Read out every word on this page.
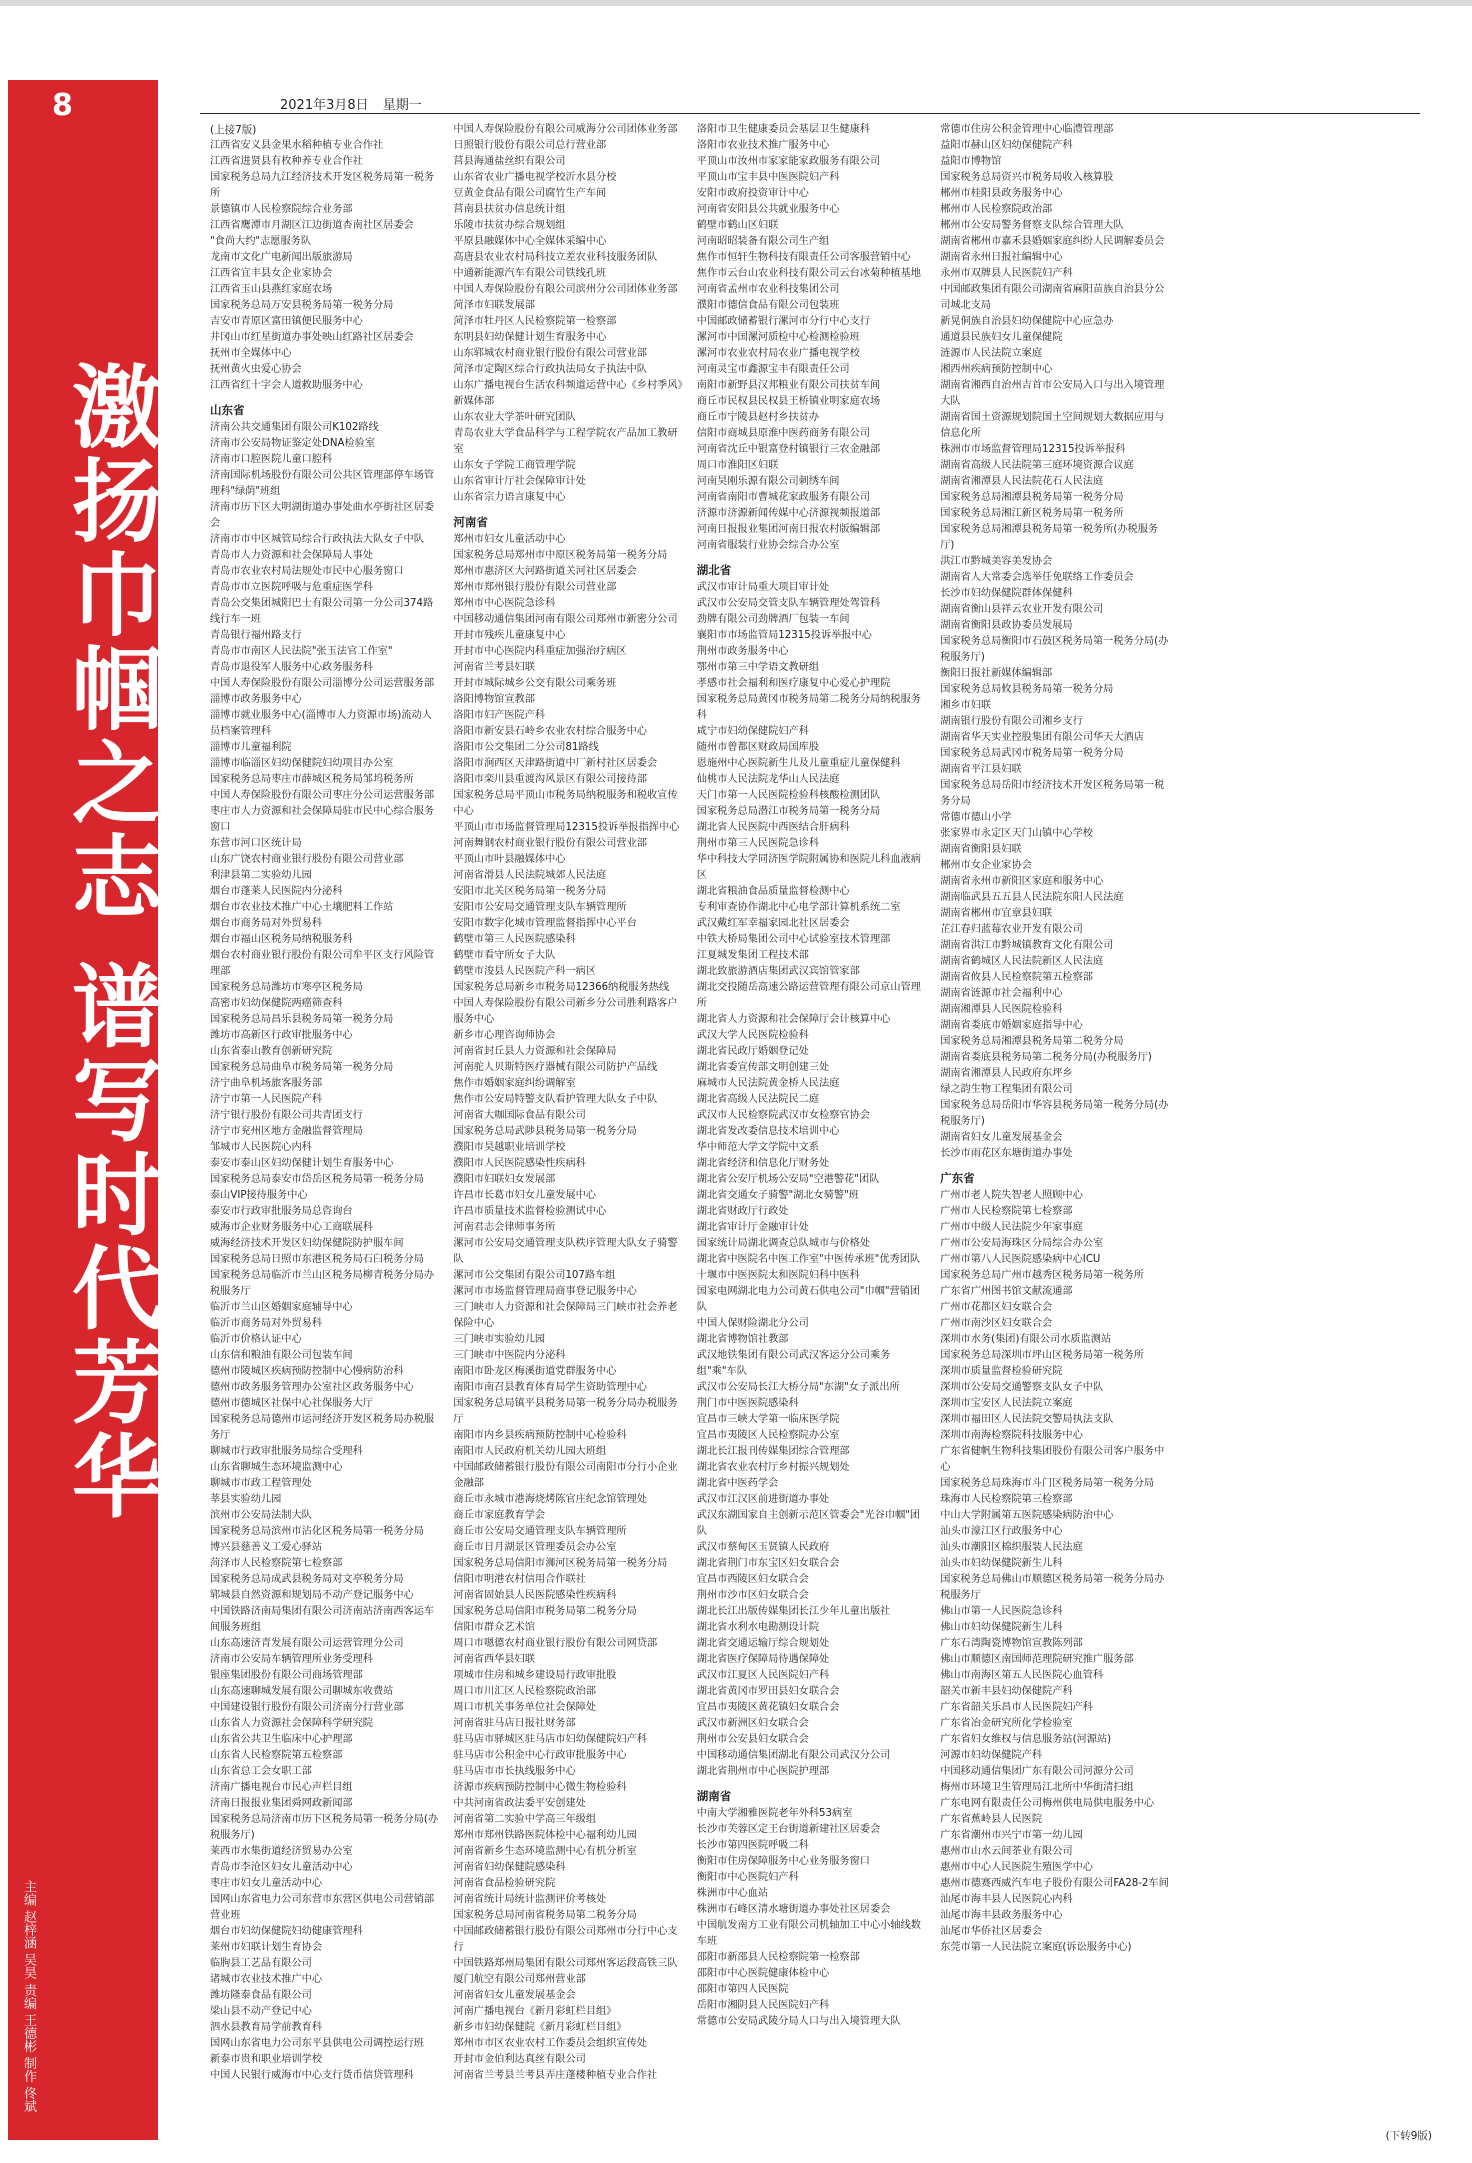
8
激扬巾帼之志 谱写时代芳华
主编 赵梓涵 吴昊 责编 王德彬 制作 佟斌
2021年3月8日 星期一

(上接7版)

江西省安义县金果水稻种植专业合作社

江西省进贤县有枚种养专业合作社

国家税务总局九江经济技术开发区税务局第一税务所

景德镇市人民检察院综合业务部

江西省鹰潭市月湖区江边街道杏南社区居委会

"食尚大约"志愿服务队

龙南市文化广电新闻出版旅游局

江西省宜丰县女企业家协会

江西省玉山县燕红家庭农场

国家税务总局万安县税务局第一税务分局

吉安市青原区富田镇便民服务中心

井冈山市红星街道办事处映山红路社区居委会

抚州市全媒体中心

抚州黄火虫爱心协会

江西省红十字会人道救助服务中心

山东省

济南公共交通集团有限公司K102路线

济南市公安局物证鉴定处DNA检验室

济南市口腔医院儿童口腔科

济南国际机场股份有限公司公共区管理部停车场管理科"绿荫"班组

济南市历下区大明湖街道办事处曲水亭街社区居委会

济南市市中区城管局综合行政执法大队女子中队

青岛市人力资源和社会保障局人事处

青岛市农业农村局法规处市民中心服务窗口

青岛市市立医院呼吸与危重症医学科

青岛公交集团城阳巴士有限公司第一分公司374路线行车一班

青岛银行福州路支行

青岛市市南区人民法院"张玉法官工作室"

青岛市退役军人服务中心政务服务科

中国人寿保险股份有限公司淄博分公司运营服务部

淄博市政务服务中心

淄博市就业服务中心(淄博市人力资源市场)流动人员档案管理科

淄博市儿童福利院

淄博市临淄区妇幼保健院妇幼项目办公室

国家税务总局枣庄市薛城区税务局邹坞税务所

中国人寿保险股份有限公司枣庄分公司运营服务部

枣庄市人力资源和社会保障局驻市民中心综合服务窗口

东营市河口区统计局

山东广饶农村商业银行股份有限公司营业部

利津县第二实验幼儿园

烟台市蓬莱人民医院内分泌科

烟台市农业技术推广中心土壤肥料工作站

烟台市商务局对外贸易科

烟台市福山区税务局纳税服务科

烟台农村商业银行股份有限公司牟平区支行风险管理部

国家税务总局潍坊市寒亭区税务局

高密市妇幼保健院两癌筛查科

国家税务总局昌乐县税务局第一税务分局

潍坊市高新区行政审批服务中心

山东省泰山教育创新研究院

国家税务总局曲阜市税务局第一税务分局

济宁曲阜机场旅客服务部

济宁市第一人民医院产科

济宁银行股份有限公司共青团支行

济宁市兖州区地方金融监督管理局

邹城市人民医院心内科

泰安市泰山区妇幼保健计划生育服务中心

国家税务总局泰安市岱岳区税务局第一税务分局

泰山VIP接待服务中心

泰安市行政审批服务局总咨询台

威海市企业财务服务中心工商联展科

威海经济技术开发区妇幼保健院防护服车间

国家税务总局日照市东港区税务局石臼税务分局

国家税务总局临沂市兰山区税务局柳青税务分局办税服务厅

临沂市兰山区婚姻家庭辅导中心

临沂市商务局对外贸易科

临沂市价格认证中心

山东信和粮油有限公司包装车间

德州市陵城区疾病预防控制中心慢病防治科

德州市政务服务管理办公室社区政务服务中心

德州市德城区社保中心社保服务大厅

国家税务总局德州市运河经济开发区税务局办税服务厅

聊城市行政审批服务局综合受理科

山东省聊城生态环境监测中心

聊城市市政工程管理处

莘县实验幼儿园

滨州市公安局法制大队

国家税务总局滨州市沾化区税务局第一税务分局

博兴县慈善义工爱心驿站

菏泽市人民检察院第七检察部

国家税务总局成武县税务局对文亭税务分局

郓城县自然资源和规划局不动产登记服务中心

中国铁路济南局集团有限公司济南站济南西客运车间服务班组

山东高速济青发展有限公司运营管理分公司

济南市公安局车辆管理所业务受理科

银座集团股份有限公司商场管理部

山东高速聊城发展有限公司聊城东收费站

中国建设银行股份有限公司济南分行营业部

山东省人力资源社会保障科学研究院

山东省公共卫生临床中心护理部

山东省人民检察院第五检察部

山东省总工会女职工部

济南广播电视台市民心声栏目组

济南日报报业集团舜网政新闻部

国家税务总局济南市历下区税务局第一税务分局(办税服务厅)

莱西市水集街道经济贸易办公室

青岛市李沧区妇女儿童活动中心

枣庄市妇女儿童活动中心

国网山东省电力公司东营市东营区供电公司营销部营业班

烟台市妇幼保健院妇幼健康管理科

莱州市妇联计划生育协会

临朐县工艺品有限公司

诸城市农业技术推广中心

潍坊隆泰食品有限公司

梁山县不动产登记中心

泗水县教育局学前教育科

国网山东省电力公司东平县供电公司调控运行班

新泰市贵和职业培训学校

中国人民银行威海市中心支行货币信贷管理科

中国人寿保险股份有限公司威海分公司团体业务部

日照银行股份有限公司总行营业部

莒县海通盐丝织有限公司

山东省农业广播电视学校沂水县分校

豆黄金食品有限公司腐竹生产车间

莒南县扶贫办信息统计组

乐陵市扶贫办综合规划组

平原县融媒体中心全媒体采编中心

高唐县农业农村局科技立差农业科技服务团队

中通新能源汽车有限公司铁线孔班

中国人寿保险股份有限公司滨州分公司团体业务部

菏泽市妇联发展部

菏泽市牡丹区人民检察院第一检察部

东明县妇幼保健计划生育服务中心

山东郓城农村商业银行股份有限公司营业部

菏泽市定陶区综合行政执法局女子执法中队

山东广播电视台生活农科频道运营中心《乡村季风》新媒体部

山东农业大学茶叶研究团队

青岛农业大学食品科学与工程学院农产品加工教研室

山东女子学院工商管理学院

山东省审计厅社会保障审计处

山东省宗力语言康复中心

河南省

郑州市妇女儿童活动中心

国家税务总局郑州市中原区税务局第一税务分局

郑州市惠济区大河路街道关河社区居委会

郑州市郑州银行股份有限公司营业部

郑州市中心医院急诊科

中国移动通信集团河南有限公司郑州市新密分公司

开封市残疾儿童康复中心

开封市中心医院内科重症加强治疗病区

河南省兰考县妇联

开封市城际城乡公交有限公司乘务班

洛阳博物馆宣教部

洛阳市妇产医院产科

洛阳市新安县石岭乡农业农村综合服务中心

洛阳市公交集团二分公司81路线

洛阳市涧西区天津路街道中厂新村社区居委会

洛阳市栾川县重渡沟风景区有限公司接待部

国家税务总局平顶山市税务局纳税服务和税收宣传中心

平顶山市市场监督管理局12315投诉举报指挥中心

河南舞钢农村商业银行股份有限公司营业部

平顶山市叶县融媒体中心

河南省滑县人民法院城郊人民法庭

安阳市北关区税务局第一税务分局

安阳市公安局交通管理支队车辆管理所

安阳市数字化城市管理监督指挥中心平台

鹤壁市第三人民医院感染科

鹤壁市看守所女子大队

鹤壁市浚县人民医院产科一病区

国家税务总局新乡市税务局12366纳税服务热线

中国人寿保险股份有限公司新乡分公司胜利路客户服务中心

新乡市心理咨询师协会

河南省封丘县人力资源和社会保障局

河南驼人贝斯特医疗器械有限公司防护产品线

焦作市婚姻家庭纠纷调解室

焦作市公安局特警支队看护管理大队女子中队

河南省大咖国际食品有限公司

国家税务总局武陟县税务局第一税务分局

濮阳市昊越职业培训学校

濮阳市人民医院感染性疾病科

濮阳市妇联妇女发展部

许昌市长葛市妇女儿童发展中心

许昌市质量技术监督检验测试中心

河南君志会律师事务所

漯河市公安局交通管理支队秩序管理大队女子骑警队

漯河市公交集团有限公司107路车组

漯河市市场监督管理局商事登记服务中心

三门峡市人力资源和社会保障局三门峡市社会养老保险中心

三门峡市实验幼儿园

三门峡市中医院内分泌科

南阳市卧龙区梅溪街道党群服务中心

南阳市南召县教育体育局学生资助管理中心

国家税务总局镇平县税务局第一税务分局办税服务厅

南阳市内乡县疾病预防控制中心检验科

南阳市人民政府机关幼儿园大班组

中国邮政储蓄银行股份有限公司南阳市分行小企业金融部

商丘市永城市港海烧烤陈官庄纪念馆管理处

商丘市家庭教育学会

商丘市公安局交通管理支队车辆管理所

商丘市日月湖景区管理委员会办公室

国家税务总局信阳市浉河区税务局第一税务分局

信阳市明港农村信用合作联社

河南省固始县人民医院感染性疾病科

国家税务总局信阳市税务局第二税务分局

信阳市群众艺术馆

周口市嗯德农村商业银行股份有限公司网贷部

河南省西华县妇联

项城市住房和城乡建设局行政审批股

周口市川汇区人民检察院政治部

周口市机关事务单位社会保障处

河南省驻马店日报社财务部

驻马店市驿城区驻马店市妇幼保健院妇产科

驻马店市公积金中心行政审批服务中心

驻马店市市长执线服务中心

济源市疾病预防控制中心微生物检验科

中共河南省政法委平安创建处

河南省第二实验中学高三年级组

郑州市郑州铁路医院体检中心福利幼儿园

河南省新乡生态环境监测中心有机分析室

河南省妇幼保健院感染科

河南省食品检验研究院

河南省统计局统计监测评价考核处

国家税务总局河南省税务局第二税务分局

中国邮政储蓄银行股份有限公司郑州市分行中心支行

中国铁路郑州局集团有限公司郑州客运段高铁三队

厦门航空有限公司郑州营业部

河南省妇女儿童发展基金会

河南广播电视台《新月彩虹栏目组》

新乡市妇幼保健院《新月彩虹栏目组》

郑州市市区农业农村工作委员会组织宣传处

开封市金伯利达真丝有限公司

河南省兰考县兰考县弄庄蓬楼种植专业合作社

洛阳市卫生健康委员会基层卫生健康科

洛阳市农业技术推广服务中心

平顶山市汝州市家家能家政服务有限公司

平顶山市宝丰县中医医院妇产科

安阳市政府投资审计中心

河南省安阳县公共就业服务中心

鹤壁市鹤山区妇联

河南昭昭装备有限公司生产组

焦作市恒轩生物科技有限责任公司客服营销中心

焦作市云台山农业科技有限公司云台冰菊种植基地

河南省孟州市农业科技集团公司

濮阳市德信食品有限公司包装班

中国邮政储蓄银行漯河市分行中心支行

漯河市中国漯河质检中心检测检验班

漯河市农业农村局农业广播电视学校

河南灵宝市鑫源宝丰有限责任公司

南阳市新野县汉邦粮业有限公司扶贫车间

商丘市民权县民权县王桥镇业明家庭农场

商丘市宁陵县赵村乡扶贫办

信阳市商城县原淮中医药商务有限公司

河南省沈丘中银富登村镇银行三农金融部

周口市淮阳区妇联

河南昊刚乐源有限公司刺绣车间

河南省南阳市曹城花家政服务有限公司

济源市济源新闻传媒中心济源视频报道部

河南日报报业集团河南日报农村版编辑部

河南省服装行业协会综合办公室

湖北省

武汉市审计局重大项目审计处

武汉市公安局交管支队车辆管理处驾管科

劲牌有限公司劲牌酒厂包装一车间

襄阳市市场监管局12315投诉举报中心

荆州市政务服务中心

鄂州市第三中学语文教研组

孝感市社会福利和医疗康复中心爱心护理院

国家税务总局黄冈市税务局第二税务分局纳税服务科

咸宁市妇幼保健院妇产科

随州市曾都区财政局国库股

恩施州中心医院新生儿及儿童重症儿童保健科

仙桃市人民法院龙华山人民法庭

天门市第一人民医院检验科核酸检测团队

国家税务总局潜江市税务局第一税务分局

湖北省人民医院中西医结合肝病科

荆州市第三人民医院急诊科

华中科技大学同济医学院附属协和医院儿科血液病区

湖北省粮油食品质量监督检测中心

专利审查协作湖北中心电学部计算机系统二室

武汉戴红军幸福家园北社区居委会

中铁大桥局集团公司中心试验室技术管理部

江夏城发集团工程技术部

湖北致旅游酒店集团武汉宾馆管家部

湖北交投随岳高速公路运营管理有限公司京山管理所

湖北省人力资源和社会保障厅会计核算中心

武汉大学人民医院检验科

湖北省民政厅婚姻登记处

湖北省委宣传部文明创建三处

麻城市人民法院黄金桥人民法庭

湖北省高级人民法院民二庭

武汉市人民检察院武汉市女检察官协会

湖北省发改委信息技术培训中心

华中师范大学文学院中文系

湖北省经济和信息化厅财务处

湖北省公安厅机场公安局"空港警花"团队

湖北省交通女子骑警"湖北女骑警"班

湖北省财政厅行政处

湖北省审计厅金融审计处

国家统计局湖北调查总队城市与价格处

湖北省中医院名中医工作室"中医传承班"优秀团队

十堰市中医医院太和医院妇科中医科

国家电网湖北电力公司黄石供电公司"巾帼"营销团队

中国人保财险湖北分公司

湖北省博物馆社教部

武汉地铁集团有限公司武汉客运分公司乘务组"乘"车队

武汉市公安局长江大桥分局"东湖"女子派出所

荆门市中医医院感染科

宜昌市三峡大学第一临床医学院

宜昌市夷陵区人民检察院办公室

湖北长江报刊传媒集团综合管理部

湖北省农业农村厅乡村振兴规划处

湖北省中医药学会

武汉市江汉区前进街道办事处

武汉东湖国家自主创新示范区管委会"光谷巾帼"团队

武汉市蔡甸区玉贤镇人民政府

湖北省荆门市东宝区妇女联合会

宜昌市西陵区妇女联合会

荆州市沙市区妇女联合会

湖北长江出版传媒集团长江少年儿童出版社

湖北省水利水电勘测设计院

湖北省交通运输厅综合规划处

湖北省医疗保障局待遇保障处

武汉市江夏区人民医院妇产科

湖北省黄冈市罗田县妇女联合会

宜昌市夷陵区黄花镇妇女联合会

武汉市新洲区妇女联合会

荆州市公安县妇女联合会

中国移动通信集团湖北有限公司武汉分公司

湖北省荆州市中心医院护理部

湖南省

中南大学湘雅医院老年外科53病室

长沙市芙蓉区定王台街道新建社区居委会

长沙市第四医院呼吸二科

衡阳市住房保障服务中心业务服务窗口

衡阳市中心医院妇产科

株洲市中心血站

株洲市石峰区清水塘街道办事处社区居委会

中国航发南方工业有限公司机轴加工中心小轴线数车班

邵阳市新邵县人民检察院第一检察部

邵阳市中心医院健康体检中心

邵阳市第四人民医院

岳阳市湘阴县人民医院妇产科

常德市公安局武陵分局人口与出入境管理大队

常德市住房公积金管理中心临澧管理部

益阳市赫山区妇幼保健院产科

益阳市博物馆

国家税务总局资兴市税务局收入核算股

郴州市桂阳县政务服务中心

郴州市人民检察院政治部

郴州市公安局警务督察支队综合管理大队

湖南省郴州市嘉禾县婚姻家庭纠纷人民调解委员会

湖南省永州日报社编辑中心

永州市双牌县人民医院妇产科

中国邮政集团有限公司湖南省麻阳苗族自治县分公司城北支局

新晃侗族自治县妇幼保健院中心应急办

通道县民族妇女儿童保健院

涟源市人民法院立案庭

湘西州疾病预防控制中心

湖南省湘西自治州吉首市公安局入口与出入境管理大队

湖南省国土资源规划院国土空间规划大数据应用与信息化所

株洲市市场监督管理局12315投诉举报科

湖南省高级人民法院第三庭环境资源合议庭

湖南省湘潭县人民法院花石人民法庭

国家税务总局湘潭县税务局第一税务分局

国家税务总局湘江新区税务局第一税务所

国家税务总局湘潭县税务局第一税务所(办税服务厅)

洪江市黔城美容美发协会

湖南省人大常委会选举任免联络工作委员会

长沙市妇幼保健院群体保健科

湖南省衡山县祥云农业开发有限公司

湖南省衡阳县政协委员发展局

国家税务总局衡阳市石鼓区税务局第一税务分局(办税服务厅)

衡阳日报社新媒体编辑部

国家税务总局攸县税务局第一税务分局

湘乡市妇联

湖南银行股份有限公司湘乡支行

湖南省华天实业控股集团有限公司华天大酒店

国家税务总局武冈市税务局第一税务分局

湖南省平江县妇联

国家税务总局岳阳市经济技术开发区税务局第一税务分局

常德市德山小学

张家界市永定区天门山镇中心学校

湖南省衡阳县妇联

郴州市女企业家协会

湖南省永州市新阳区家庭和服务中心

湖南临武县五五县人民法院东阳人民法庭

湖南省郴州市宜章县妇联

芷江春归蓝莓农业开发有限公司

湖南省洪江市黔城镇教育文化有限公司

湖南省鹤城区人民法院新区人民法庭

湖南省攸县人民检察院第五检察部

湖南省涟源市社会福利中心

湖南湘潭县人民医院检验科

湖南省娄底市婚姻家庭指导中心

国家税务总局湘潭县税务局第二税务分局

湖南省娄底县税务局第二税务分局(办税服务厅)

湖南省湘潭县人民政府东坪乡

绿之韵生物工程集团有限公司

国家税务总局岳阳市华容县税务局第一税务分局(办税服务厅)

湖南省妇女儿童发展基金会

长沙市雨花区东塘街道办事处

广东省

广州市老人院失智老人照顾中心

广州市人民检察院第七检察部

广州市中级人民法院少年家事庭

广州市公安局海珠区分局综合办公室

广州市第八人民医院感染病中心ICU

国家税务总局广州市越秀区税务局第一税务所

广东省广州图书馆文献流通部

广州市花都区妇女联合会

广州市南沙区妇女联合会

深圳市水务(集团)有限公司水质监测站

国家税务总局深圳市坪山区税务局第一税务所

深圳市质量监督检验研究院

深圳市公安局交通警察支队女子中队

深圳市宝安区人民法院立案庭

深圳市福田区人民法院交警局执法支队

深圳市南海检察院科技服务中心

广东省健帆生物科技集团股份有限公司客户服务中心

国家税务总局珠海市斗门区税务局第一税务分局

珠海市人民检察院第三检察部

中山大学附属第五医院感染病防治中心

汕头市濠江区行政服务中心

汕头市潮阳区棉织服装人民法庭

汕头市妇幼保健院新生儿科

国家税务总局佛山市顺德区税务局第一税务分局办税服务厅

佛山市第一人民医院急诊科

佛山市妇幼保健院新生儿科

广东石湾陶瓷博物馆宣教陈列部

佛山市顺德区南国师范理院研究推广服务部

佛山市南海区第五人民医院心血管科

韶关市新丰县妇幼保健院产科

广东省韶关乐昌市人民医院妇产科

广东省冶金研究所化学检验室

广东省妇女维权与信息服务站(河源站)

河源市妇幼保健院产科

中国移动通信集团广东有限公司河源分公司

梅州市环境卫生管理局江北所中华街清扫组

广东电网有限责任公司梅州供电局供电服务中心

广东省蕉岭县人民医院

广东省潮州市兴宁市第一幼儿园

惠州市山水云间茶业有限公司

惠州市中心人民医院生殖医学中心

惠州市德赛西威汽车电子股份有限公司FA28-2车间

汕尾市海丰县人民医院心内科

汕尾市海丰县政务服务中心

汕尾市华侨社区居委会

东莞市第一人民法院立案庭(诉讼服务中心)

(下转9版)
